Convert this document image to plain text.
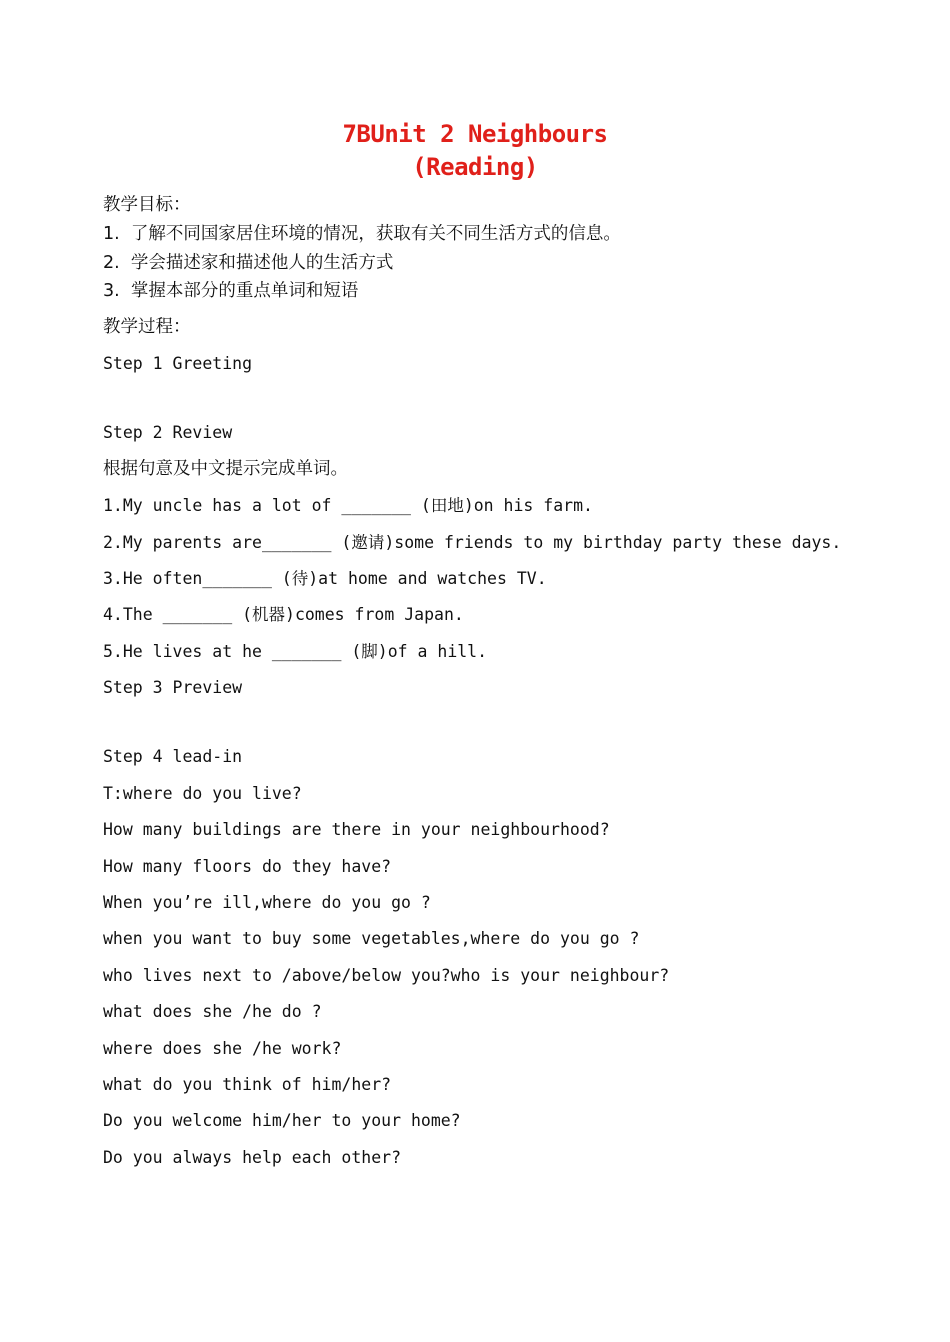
7BUnit 2 Neighbours
(Reading)
教学目标：
1.  了解不同国家居住环境的情况，获取有关不同生活方式的信息。
2.  学会描述家和描述他人的生活方式
3.  掌握本部分的重点单词和短语
教学过程：
Step 1 Greeting
Step 2 Review
根据句意及中文提示完成单词。
1.My uncle has a lot of _______ (田地)on his farm.
2.My parents are_______ (邀请)some friends to my birthday party these days.
3.He often_______ (待)at home and watches TV.
4.The _______ (机器)comes from Japan.
5.He lives at he _______ (脚)of a hill.
Step 3 Preview
Step 4 lead-in
T:where do you live?
How many buildings are there in your neighbourhood?
How many floors do they have?
When you’re ill,where do you go ?
when you want to buy some vegetables,where do you go ?
who lives next to /above/below you?who is your neighbour?
what does she /he do ?
where does she /he work?
what do you think of him/her?
Do you welcome him/her to your home?
Do you always help each other?
